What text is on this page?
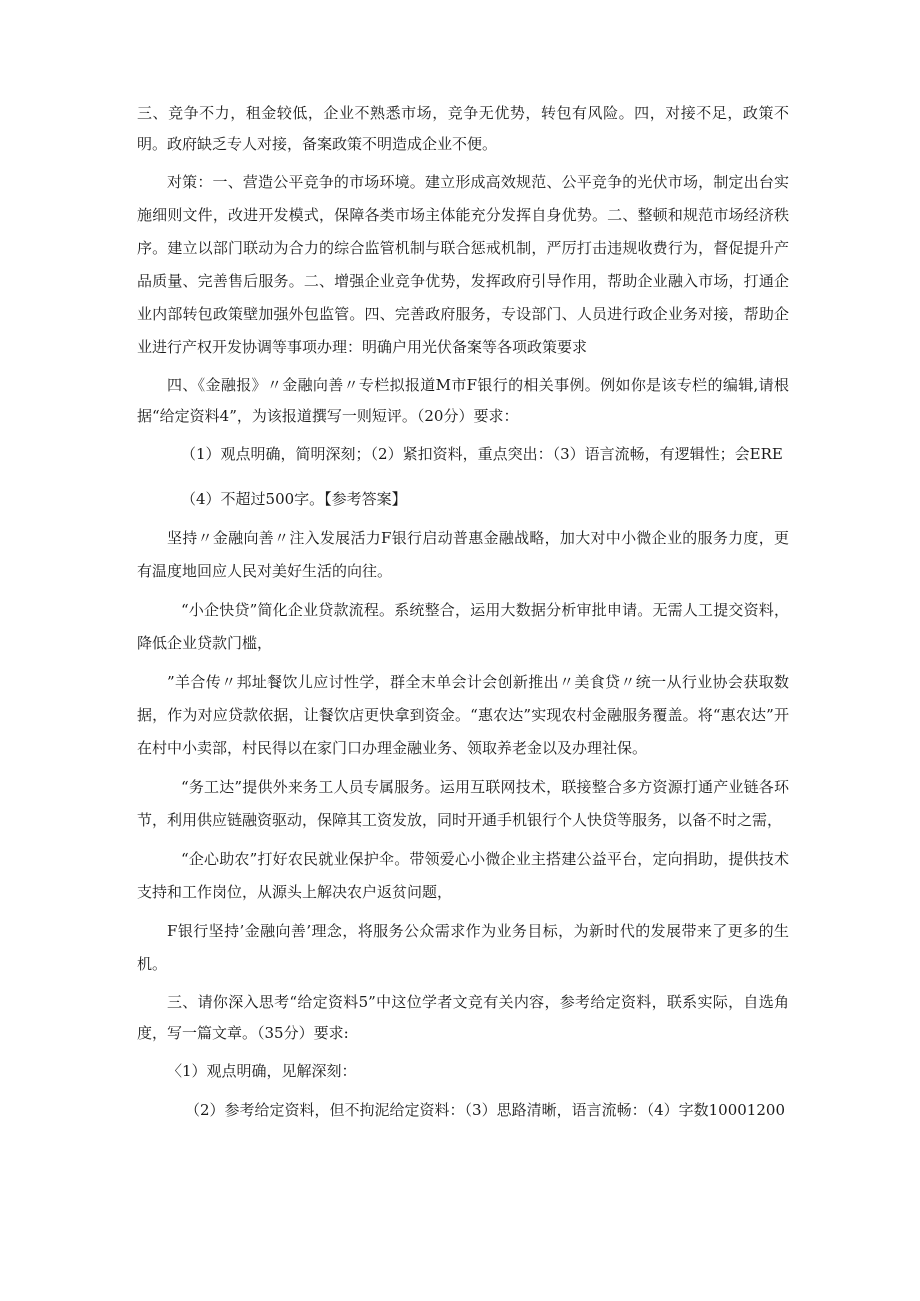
三、竞争不力，租金较低，企业不熟悉市场，竞争无优势，转包有风险。四，对接不足，政策不明。政府缺乏专人对接，备案政策不明造成企业不便。

对策：一、营造公平竞争的市场环境。建立形成高效规范、公平竞争的光伏市场，制定出台实施细则文件，改进开发模式，保障各类市场主体能充分发挥自身优势。二、整顿和规范市场经济秩序。建立以部门联动为合力的综合监管机制与联合惩戒机制，严厉打击违规收费行为，督促提升产品质量、完善售后服务。二、增强企业竞争优势，发挥政府引导作用，帮助企业融入市场，打通企业内部转包政策壁加强外包监管。四、完善政府服务，专设部门、人员进行政企业务对接，帮助企业进行产权开发协调等事项办理：明确户用光伏备案等各项政策要求

四、《金融报》〃金融向善〃专栏拟报道M市F银行的相关事例。例如你是该专栏的编辑,请根据“给定资料4”，为该报道撰写一则短评。（20分）要求：

（1）观点明确，简明深刻；（2）紧扣资料，重点突出：（3）语言流畅，有逻辑性；会ERE

（4）不超过500字。【参考答案】

坚持〃金融向善〃注入发展活力F银行启动普惠金融战略，加大对中小微企业的服务力度，更有温度地回应人民对美好生活的向往。

“小企快贷”简化企业贷款流程。系统整合，运用大数据分析审批申请。无需人工提交资料，降低企业贷款门槛，

”羊合传〃邦址餐饮儿应讨性学，群全末单会计会创新推出〃美食贷〃统一从行业协会获取数据，作为对应贷款依据，让餐饮店更快拿到资金。“惠农达”实现农村金融服务覆盖。将“惠农达”开在村中小卖部，村民得以在家门口办理金融业务、领取养老金以及办理社保。

“务工达”提供外来务工人员专属服务。运用互联网技术，联接整合多方资源打通产业链各环节，利用供应链融资驱动，保障其工资发放，同时开通手机银行个人快贷等服务，以备不时之需，

“企心助农”打好农民就业保护伞。带领爱心小微企业主搭建公益平台，定向捐助，提供技术支持和工作岗位，从源头上解决农户返贫问题，

F银行坚持’金融向善’理念，将服务公众需求作为业务目标，为新时代的发展带来了更多的生机。

三、请你深入思考“给定资料5”中这位学者文竞有关内容，参考给定资料，联系实际，自选角度，写一篇文章。（35分）要求:

〈1）观点明确，见解深刻：

（2）参考给定资料，但不拘泥给定资料：（3）思路清晰，语言流畅：（4）字数10001200
